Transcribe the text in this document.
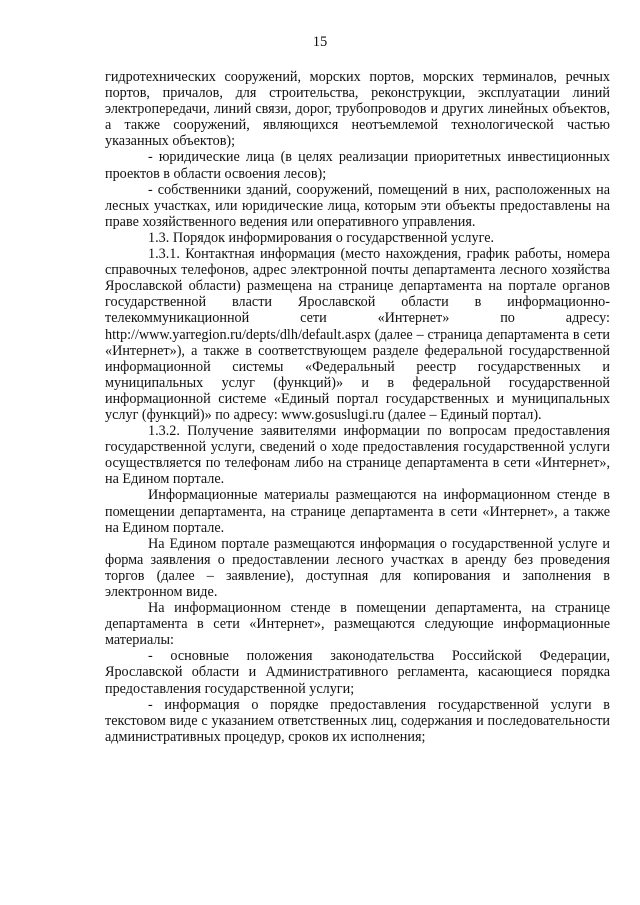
15

гидротехнических сооружений, морских портов, морских терминалов, речных портов, причалов, для строительства, реконструкции, эксплуатации линий электропередачи, линий связи, дорог, трубопроводов и других линейных объектов, а также сооружений, являющихся неотъемлемой технологической частью указанных объектов);

- юридические лица (в целях реализации приоритетных инвестиционных проектов в области освоения лесов);

- собственники зданий, сооружений, помещений в них, расположенных на лесных участках, или юридические лица, которым эти объекты предоставлены на праве хозяйственного ведения или оперативного управления.

1.3. Порядок информирования о государственной услуге.

1.3.1. Контактная информация (место нахождения, график работы, номера справочных телефонов, адрес электронной почты департамента лесного хозяйства Ярославской области) размещена на странице департамента на портале органов государственной власти Ярославской области в информационно-телекоммуникационной сети «Интернет» по адресу: http://www.yarregion.ru/depts/dlh/default.aspx (далее – страница департамента в сети «Интернет»), а также в соответствующем разделе федеральной государственной информационной системы «Федеральный реестр государственных и муниципальных услуг (функций)» и в федеральной государственной информационной системе «Единый портал государственных и муниципальных услуг (функций)» по адресу: www.gosuslugi.ru (далее – Единый портал).

1.3.2. Получение заявителями информации по вопросам предоставления государственной услуги, сведений о ходе предоставления государственной услуги осуществляется по телефонам либо на странице департамента в сети «Интернет», на Едином портале.

Информационные материалы размещаются на информационном стенде в помещении департамента, на странице департамента в сети «Интернет», а также на Едином портале.

На Едином портале размещаются информация о государственной услуге и форма заявления о предоставлении лесного участках в аренду без проведения торгов (далее – заявление), доступная для копирования и заполнения в электронном виде.

На информационном стенде в помещении департамента, на странице департамента в сети «Интернет», размещаются следующие информационные материалы:

- основные положения законодательства Российской Федерации, Ярославской области и Административного регламента, касающиеся порядка предоставления государственной услуги;

- информация о порядке предоставления государственной услуги в текстовом виде с указанием ответственных лиц, содержания и последовательности административных процедур, сроков их исполнения;
